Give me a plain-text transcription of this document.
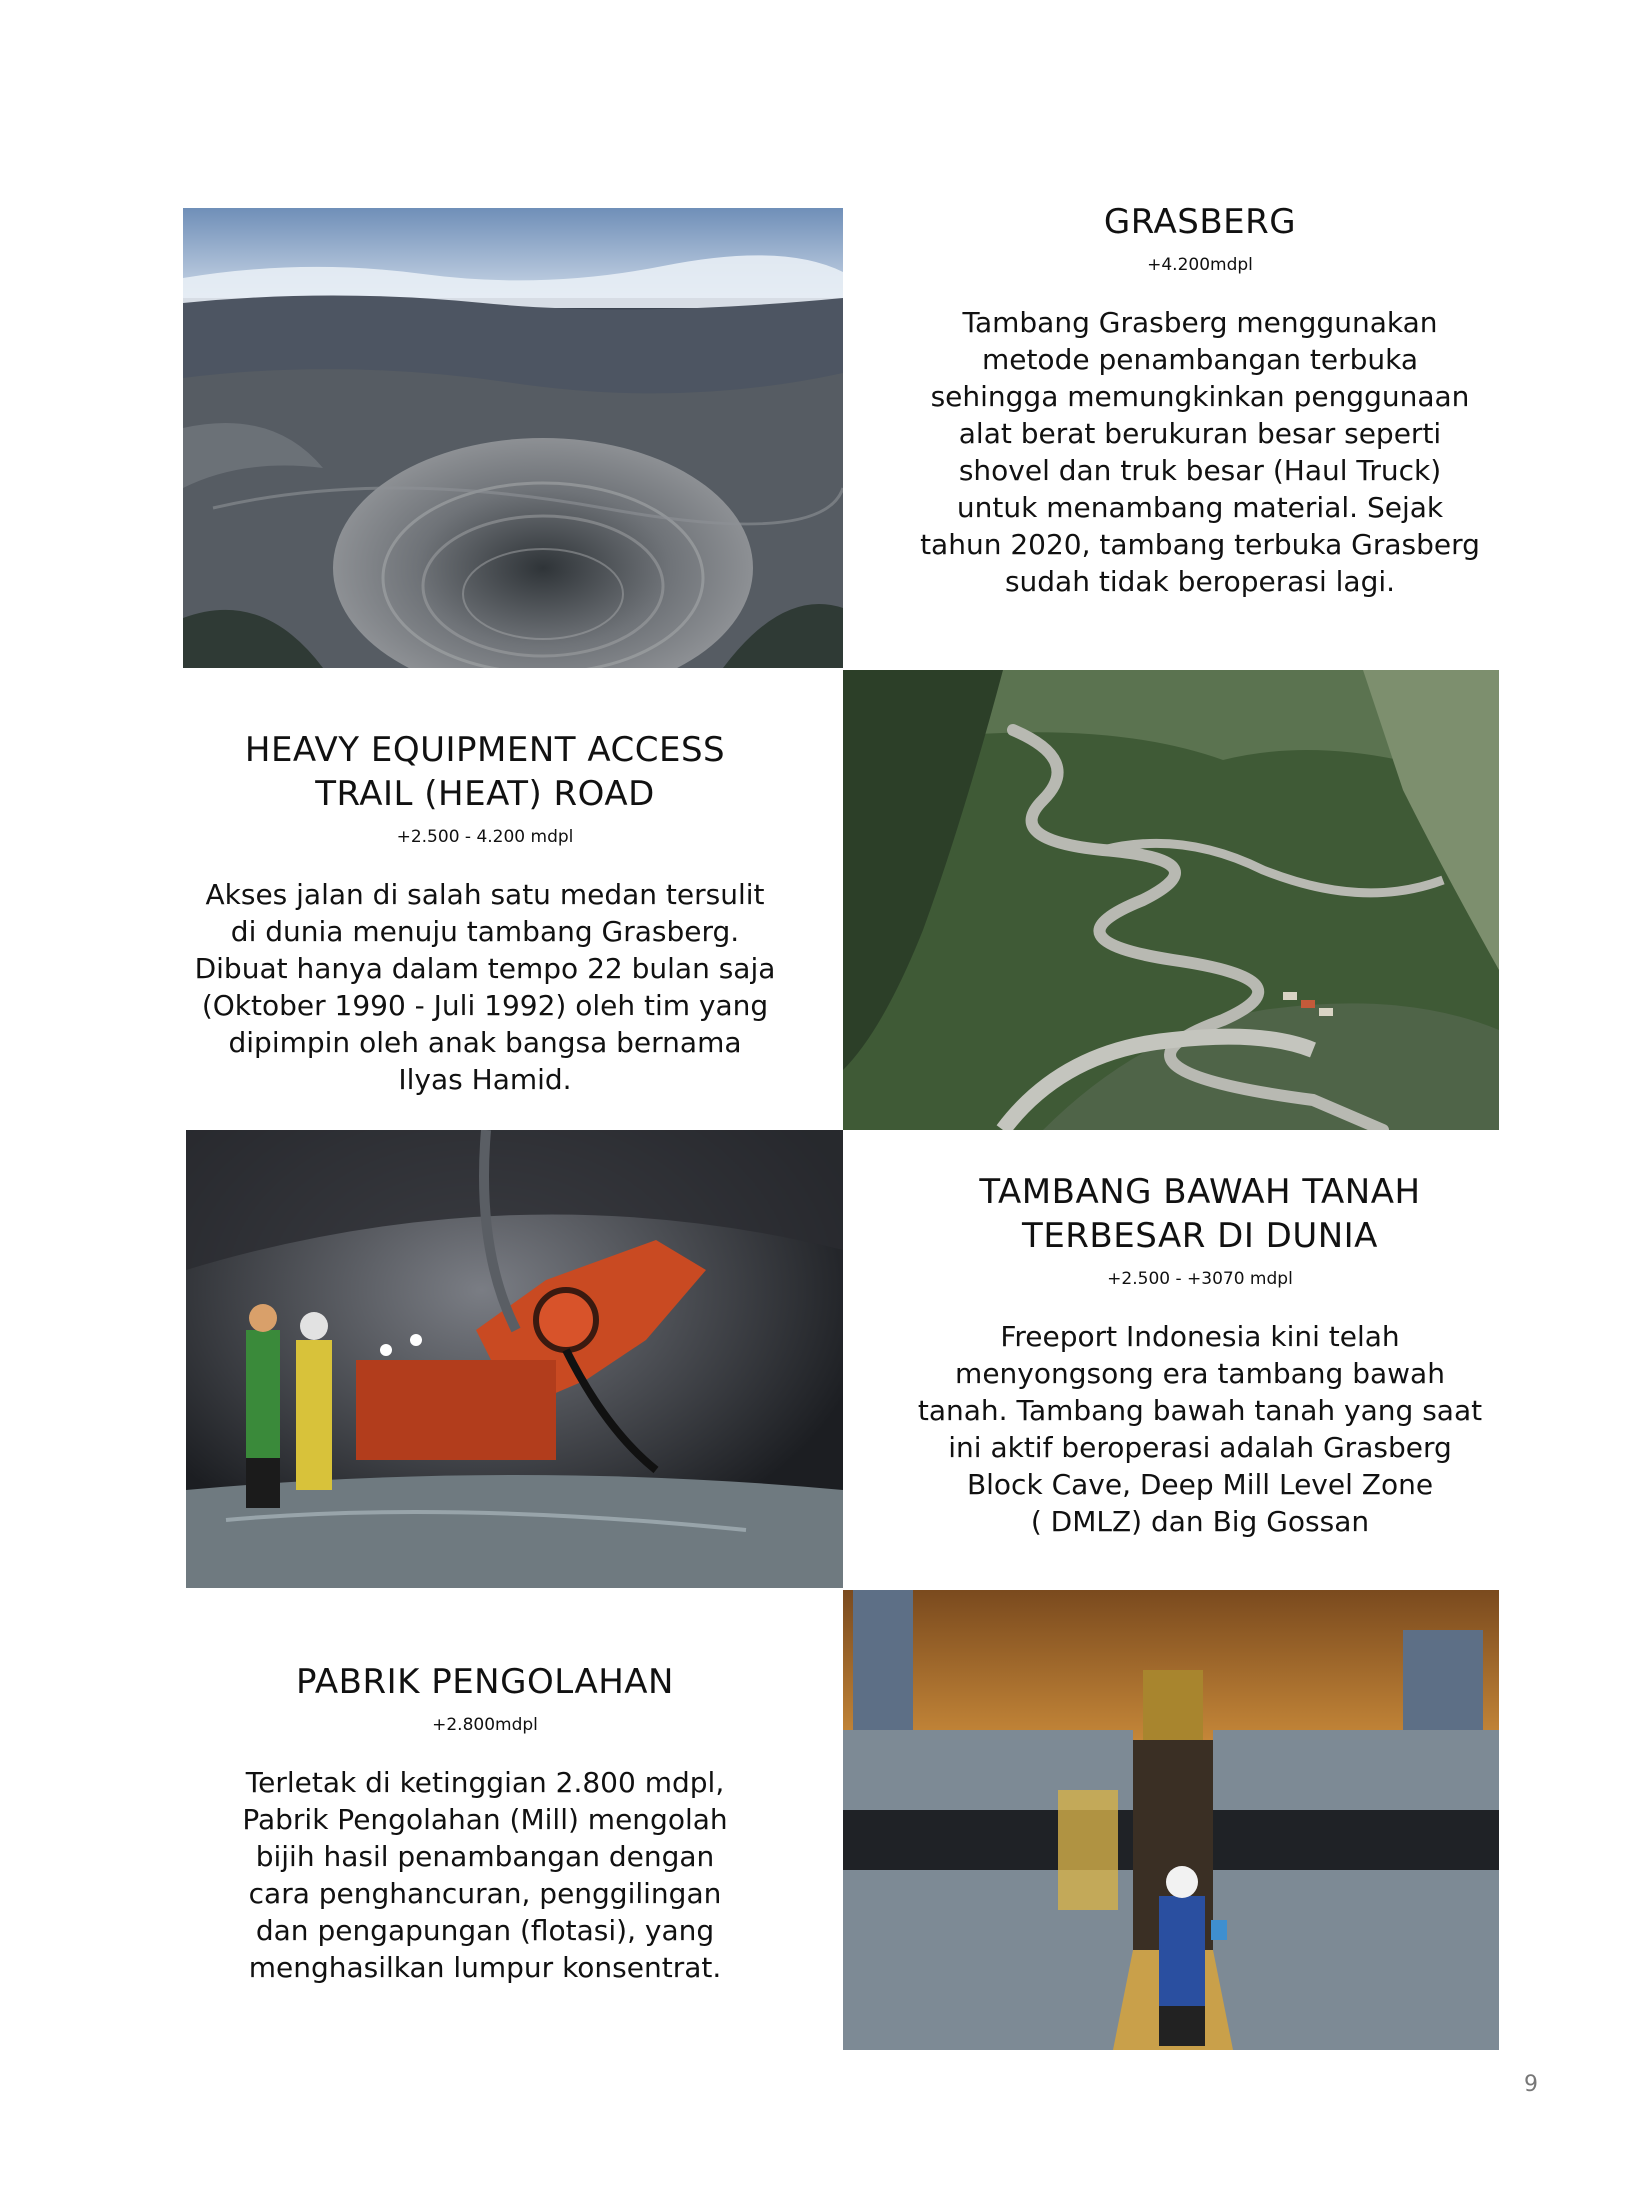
GRASBERG
+4.200mdpl

Tambang Grasberg menggunakan
metode penambangan terbuka
sehingga memungkinkan penggunaan
alat berat berukuran besar seperti
shovel dan truk besar (Haul Truck)
untuk menambang material. Sejak
tahun 2020, tambang terbuka Grasberg
sudah tidak beroperasi lagi.

HEAVY EQUIPMENT ACCESS
TRAIL (HEAT) ROAD
+2.500 - 4.200 mdpl

Akses jalan di salah satu medan tersulit
di dunia menuju tambang Grasberg.
Dibuat hanya dalam tempo 22 bulan saja
(Oktober 1990 - Juli 1992) oleh tim yang
dipimpin oleh anak bangsa bernama
Ilyas Hamid.

TAMBANG BAWAH TANAH
TERBESAR DI DUNIA
+2.500 - +3070 mdpl

Freeport Indonesia kini telah
menyongsong era tambang bawah
tanah. Tambang bawah tanah yang saat
ini aktif beroperasi adalah Grasberg
Block Cave, Deep Mill Level Zone
( DMLZ) dan Big Gossan

PABRIK PENGOLAHAN
+2.800mdpl

Terletak di ketinggian 2.800 mdpl,
Pabrik Pengolahan (Mill) mengolah
bijih hasil penambangan dengan
cara penghancuran, penggilingan
dan pengapungan (flotasi), yang
menghasilkan lumpur konsentrat.

9
